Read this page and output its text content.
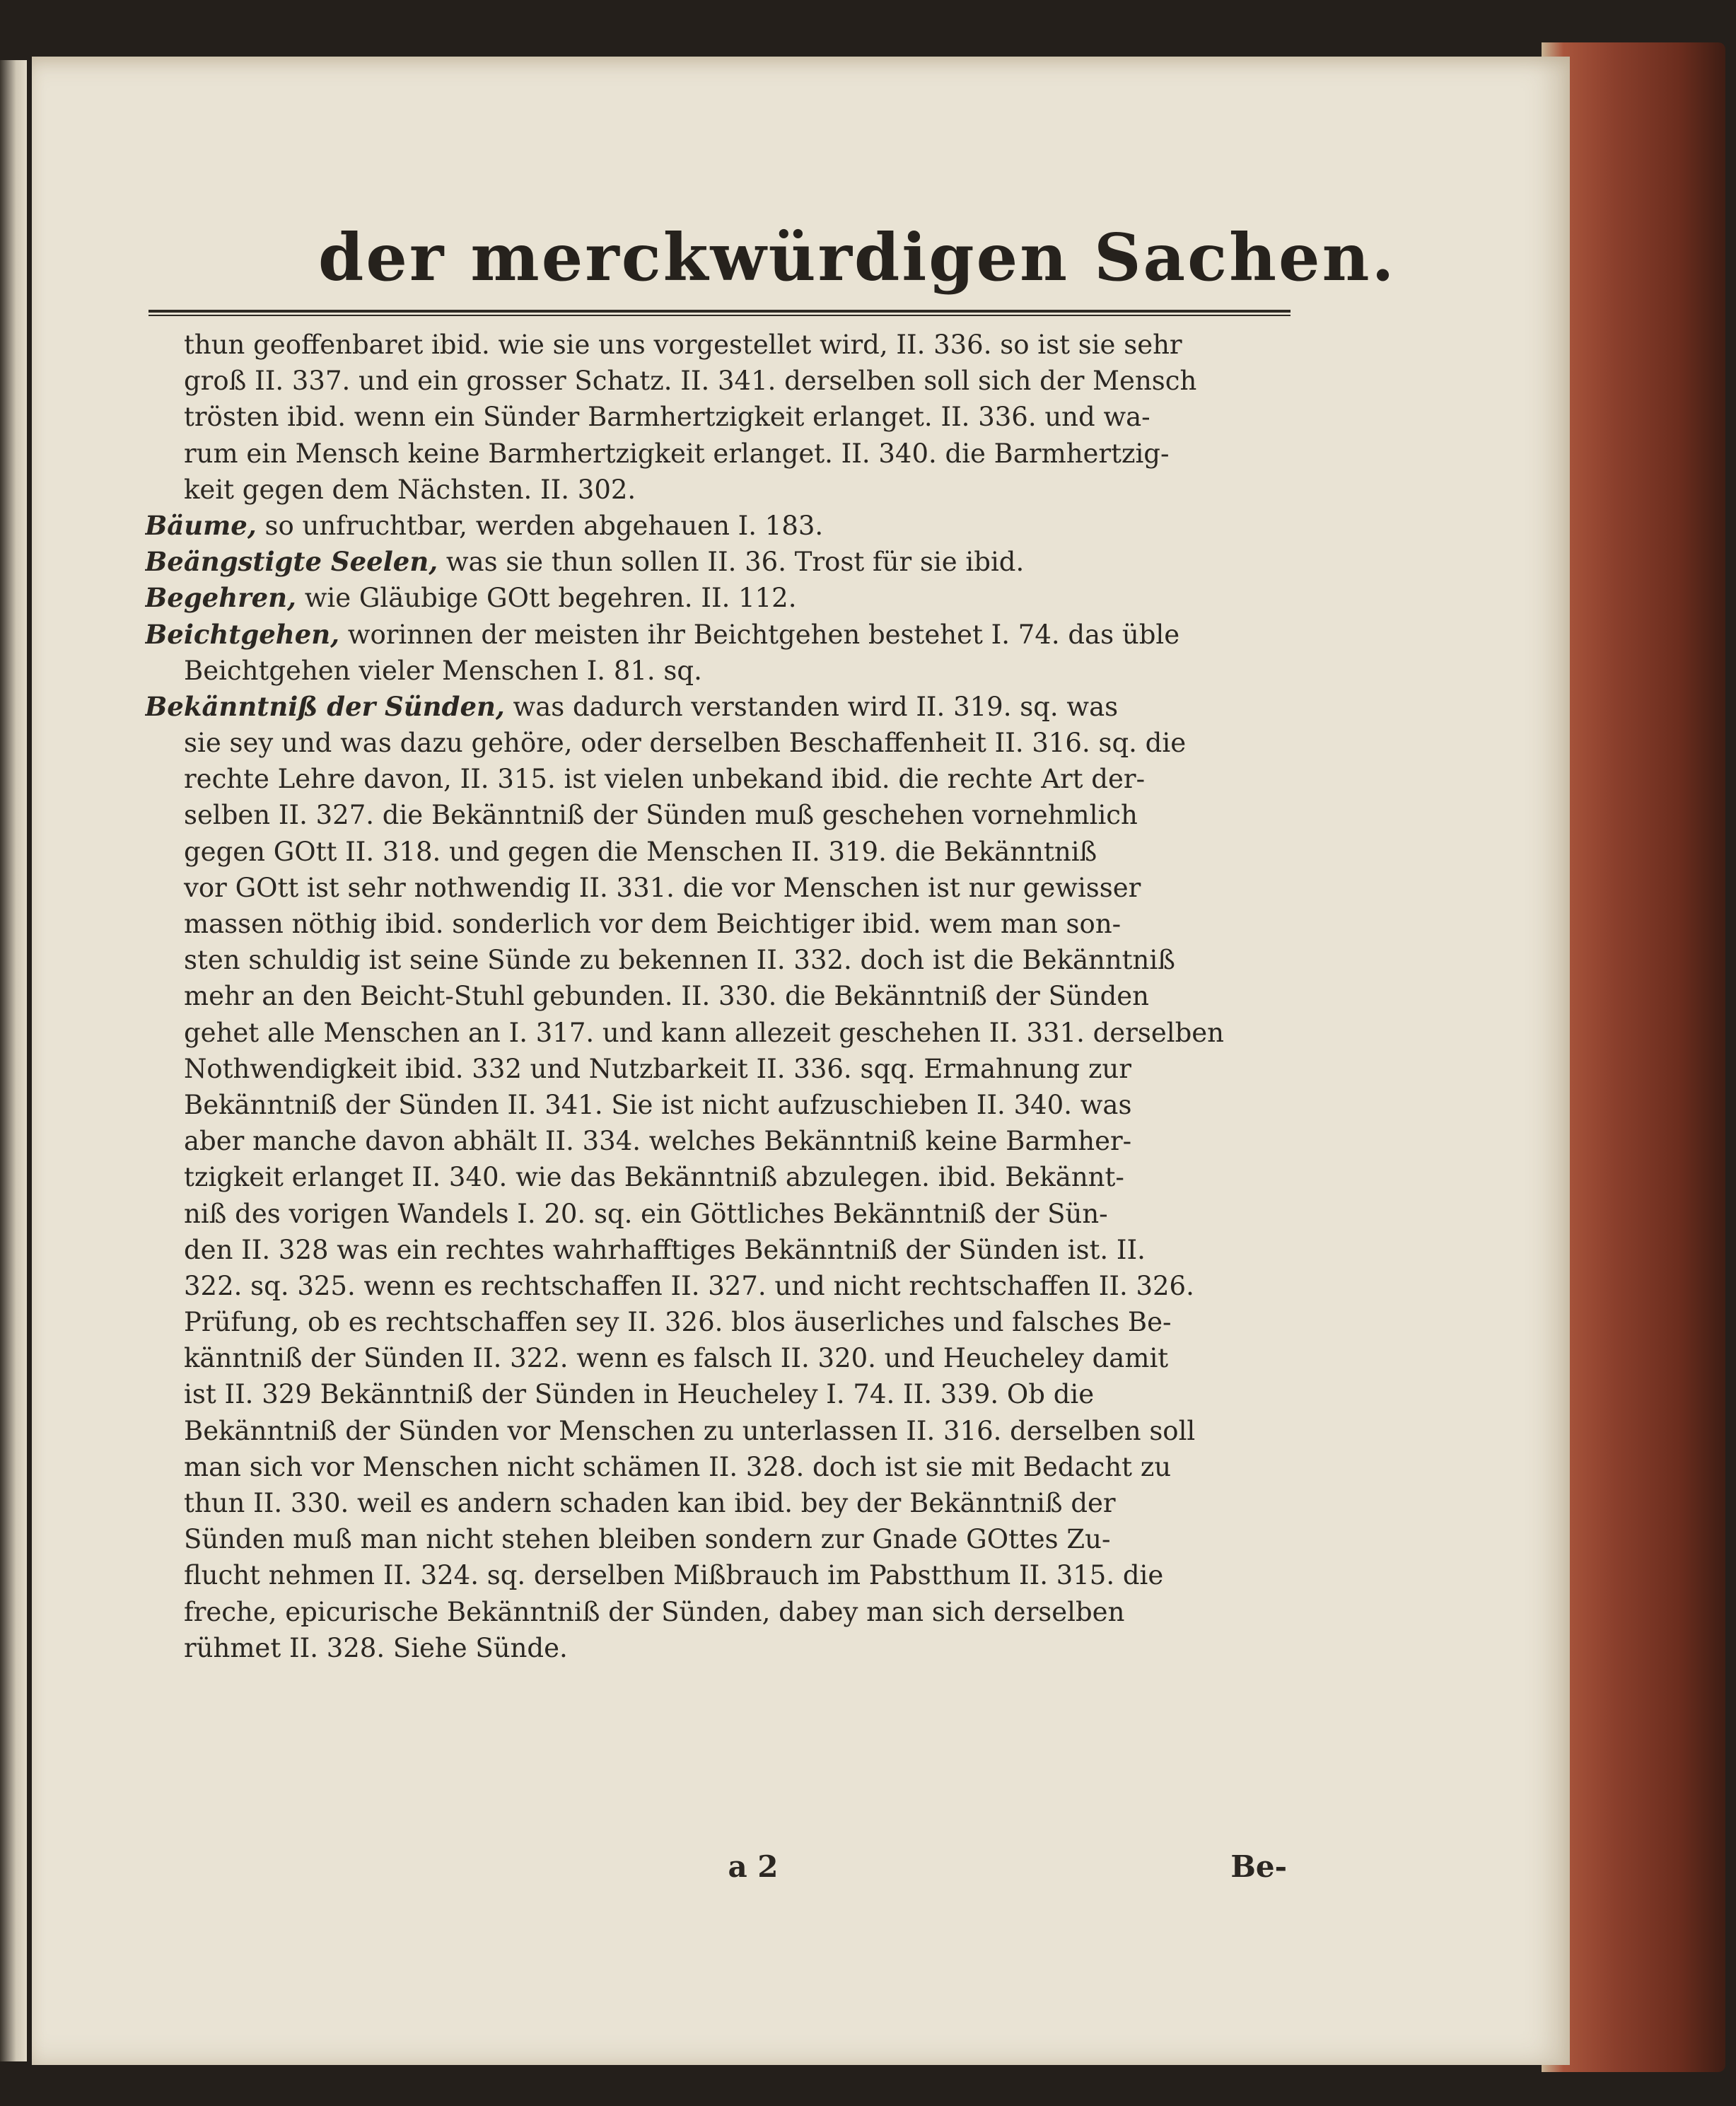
der merckwürdigen Sachen.
thun geoffenbaret ibid. wie sie uns vorgestellet wird, II. 336. so ist sie sehr
groß II. 337. und ein grosser Schatz. II. 341. derselben soll sich der Mensch
trösten ibid. wenn ein Sünder Barmhertzigkeit erlanget. II. 336. und wa-
rum ein Mensch keine Barmhertzigkeit erlanget. II. 340. die Barmhertzig-
keit gegen dem Nächsten. II. 302.
Bäume, so unfruchtbar, werden abgehauen I. 183.
Beängstigte Seelen, was sie thun sollen II. 36. Trost für sie ibid.
Begehren, wie Gläubige GOtt begehren. II. 112.
Beichtgehen, worinnen der meisten ihr Beichtgehen bestehet I. 74. das üble
Beichtgehen vieler Menschen I. 81. sq.
Bekänntniß der Sünden, was dadurch verstanden wird II. 319. sq. was
sie sey und was dazu gehöre, oder derselben Beschaffenheit II. 316. sq. die
rechte Lehre davon, II. 315. ist vielen unbekand ibid. die rechte Art der-
selben II. 327. die Bekänntniß der Sünden muß geschehen vornehmlich
gegen GOtt II. 318. und gegen die Menschen II. 319. die Bekänntniß
vor GOtt ist sehr nothwendig II. 331. die vor Menschen ist nur gewisser
massen nöthig ibid. sonderlich vor dem Beichtiger ibid. wem man son-
sten schuldig ist seine Sünde zu bekennen II. 332. doch ist die Bekänntniß
mehr an den Beicht-Stuhl gebunden. II. 330. die Bekänntniß der Sünden
gehet alle Menschen an I. 317. und kann allezeit geschehen II. 331. derselben
Nothwendigkeit ibid. 332 und Nutzbarkeit II. 336. sqq. Ermahnung zur
Bekänntniß der Sünden II. 341. Sie ist nicht aufzuschieben II. 340. was
aber manche davon abhält II. 334. welches Bekänntniß keine Barmher-
tzigkeit erlanget II. 340. wie das Bekänntniß abzulegen. ibid. Bekännt-
niß des vorigen Wandels I. 20. sq. ein Göttliches Bekänntniß der Sün-
den II. 328 was ein rechtes wahrhafftiges Bekänntniß der Sünden ist. II.
322. sq. 325. wenn es rechtschaffen II. 327. und nicht rechtschaffen II. 326.
Prüfung, ob es rechtschaffen sey II. 326. blos äuserliches und falsches Be-
känntniß der Sünden II. 322. wenn es falsch II. 320. und Heucheley damit
ist II. 329 Bekänntniß der Sünden in Heucheley I. 74. II. 339. Ob die
Bekänntniß der Sünden vor Menschen zu unterlassen II. 316. derselben soll
man sich vor Menschen nicht schämen II. 328. doch ist sie mit Bedacht zu
thun II. 330. weil es andern schaden kan ibid. bey der Bekänntniß der
Sünden muß man nicht stehen bleiben sondern zur Gnade GOttes Zu-
flucht nehmen II. 324. sq. derselben Mißbrauch im Pabstthum II. 315. die
freche, epicurische Bekänntniß der Sünden, dabey man sich derselben
rühmet II. 328. Siehe Sünde.
a 2	Be-
